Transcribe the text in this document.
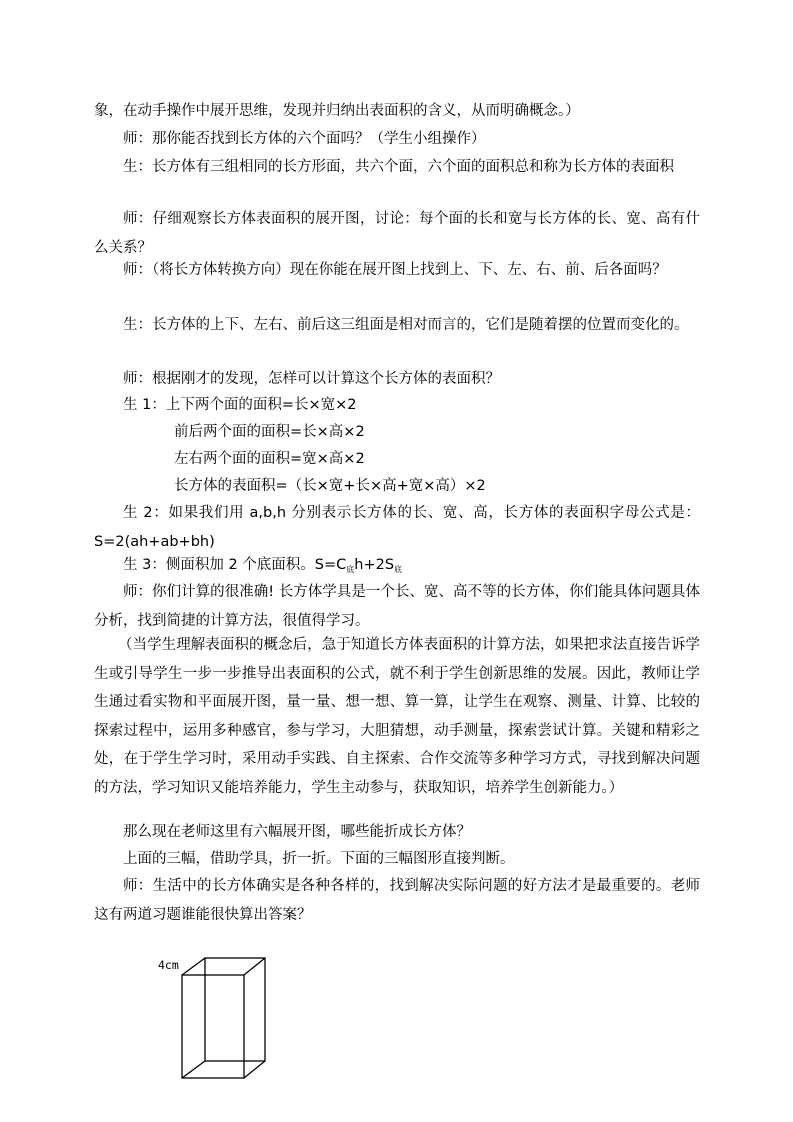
象，在动手操作中展开思维，发现并归纳出表面积的含义，从而明确概念。）

师：那你能否找到长方体的六个面吗？（学生小组操作）

生：长方体有三组相同的长方形面，共六个面，六个面的面积总和称为长方体的表面积

师：仔细观察长方体表面积的展开图，讨论：每个面的长和宽与长方体的长、宽、高有什么关系？

师：（将长方体转换方向）现在你能在展开图上找到上、下、左、右、前、后各面吗？

生：长方体的上下、左右、前后这三组面是相对而言的，它们是随着摆的位置而变化的。

师：根据刚才的发现，怎样可以计算这个长方体的表面积？

生 1：上下两个面的面积=长×宽×2
前后两个面的面积=长×高×2
左右两个面的面积=宽×高×2
长方体的表面积=（长×宽+长×高+宽×高）×2

生 2：如果我们用 a,b,h 分别表示长方体的长、宽、高，长方体的表面积字母公式是：S=2(ah+ab+bh)

生 3：侧面积加 2 个底面积。$S=C_底h+2S_底$

师：你们计算的很准确! 长方体学具是一个长、宽、高不等的长方体，你们能具体问题具体分析，找到简捷的计算方法，很值得学习。

（当学生理解表面积的概念后，急于知道长方体表面积的计算方法，如果把求法直接告诉学生或引导学生一步一步推导出表面积的公式，就不利于学生创新思维的发展。因此，教师让学生通过看实物和平面展开图，量一量、想一想、算一算，让学生在观察、测量、计算、比较的探索过程中，运用多种感官，参与学习，大胆猜想，动手测量，探索尝试计算。关键和精彩之处，在于学生学习时，采用动手实践、自主探索、合作交流等多种学习方式，寻找到解决问题的方法，学习知识又能培养能力，学生主动参与，获取知识，培养学生创新能力。）

那么现在老师这里有六幅展开图，哪些能折成长方体？

上面的三幅，借助学具，折一折。下面的三幅图形直接判断。

师：生活中的长方体确实是各种各样的，找到解决实际问题的好方法才是最重要的。老师这有两道习题谁能很快算出答案？

4cm
